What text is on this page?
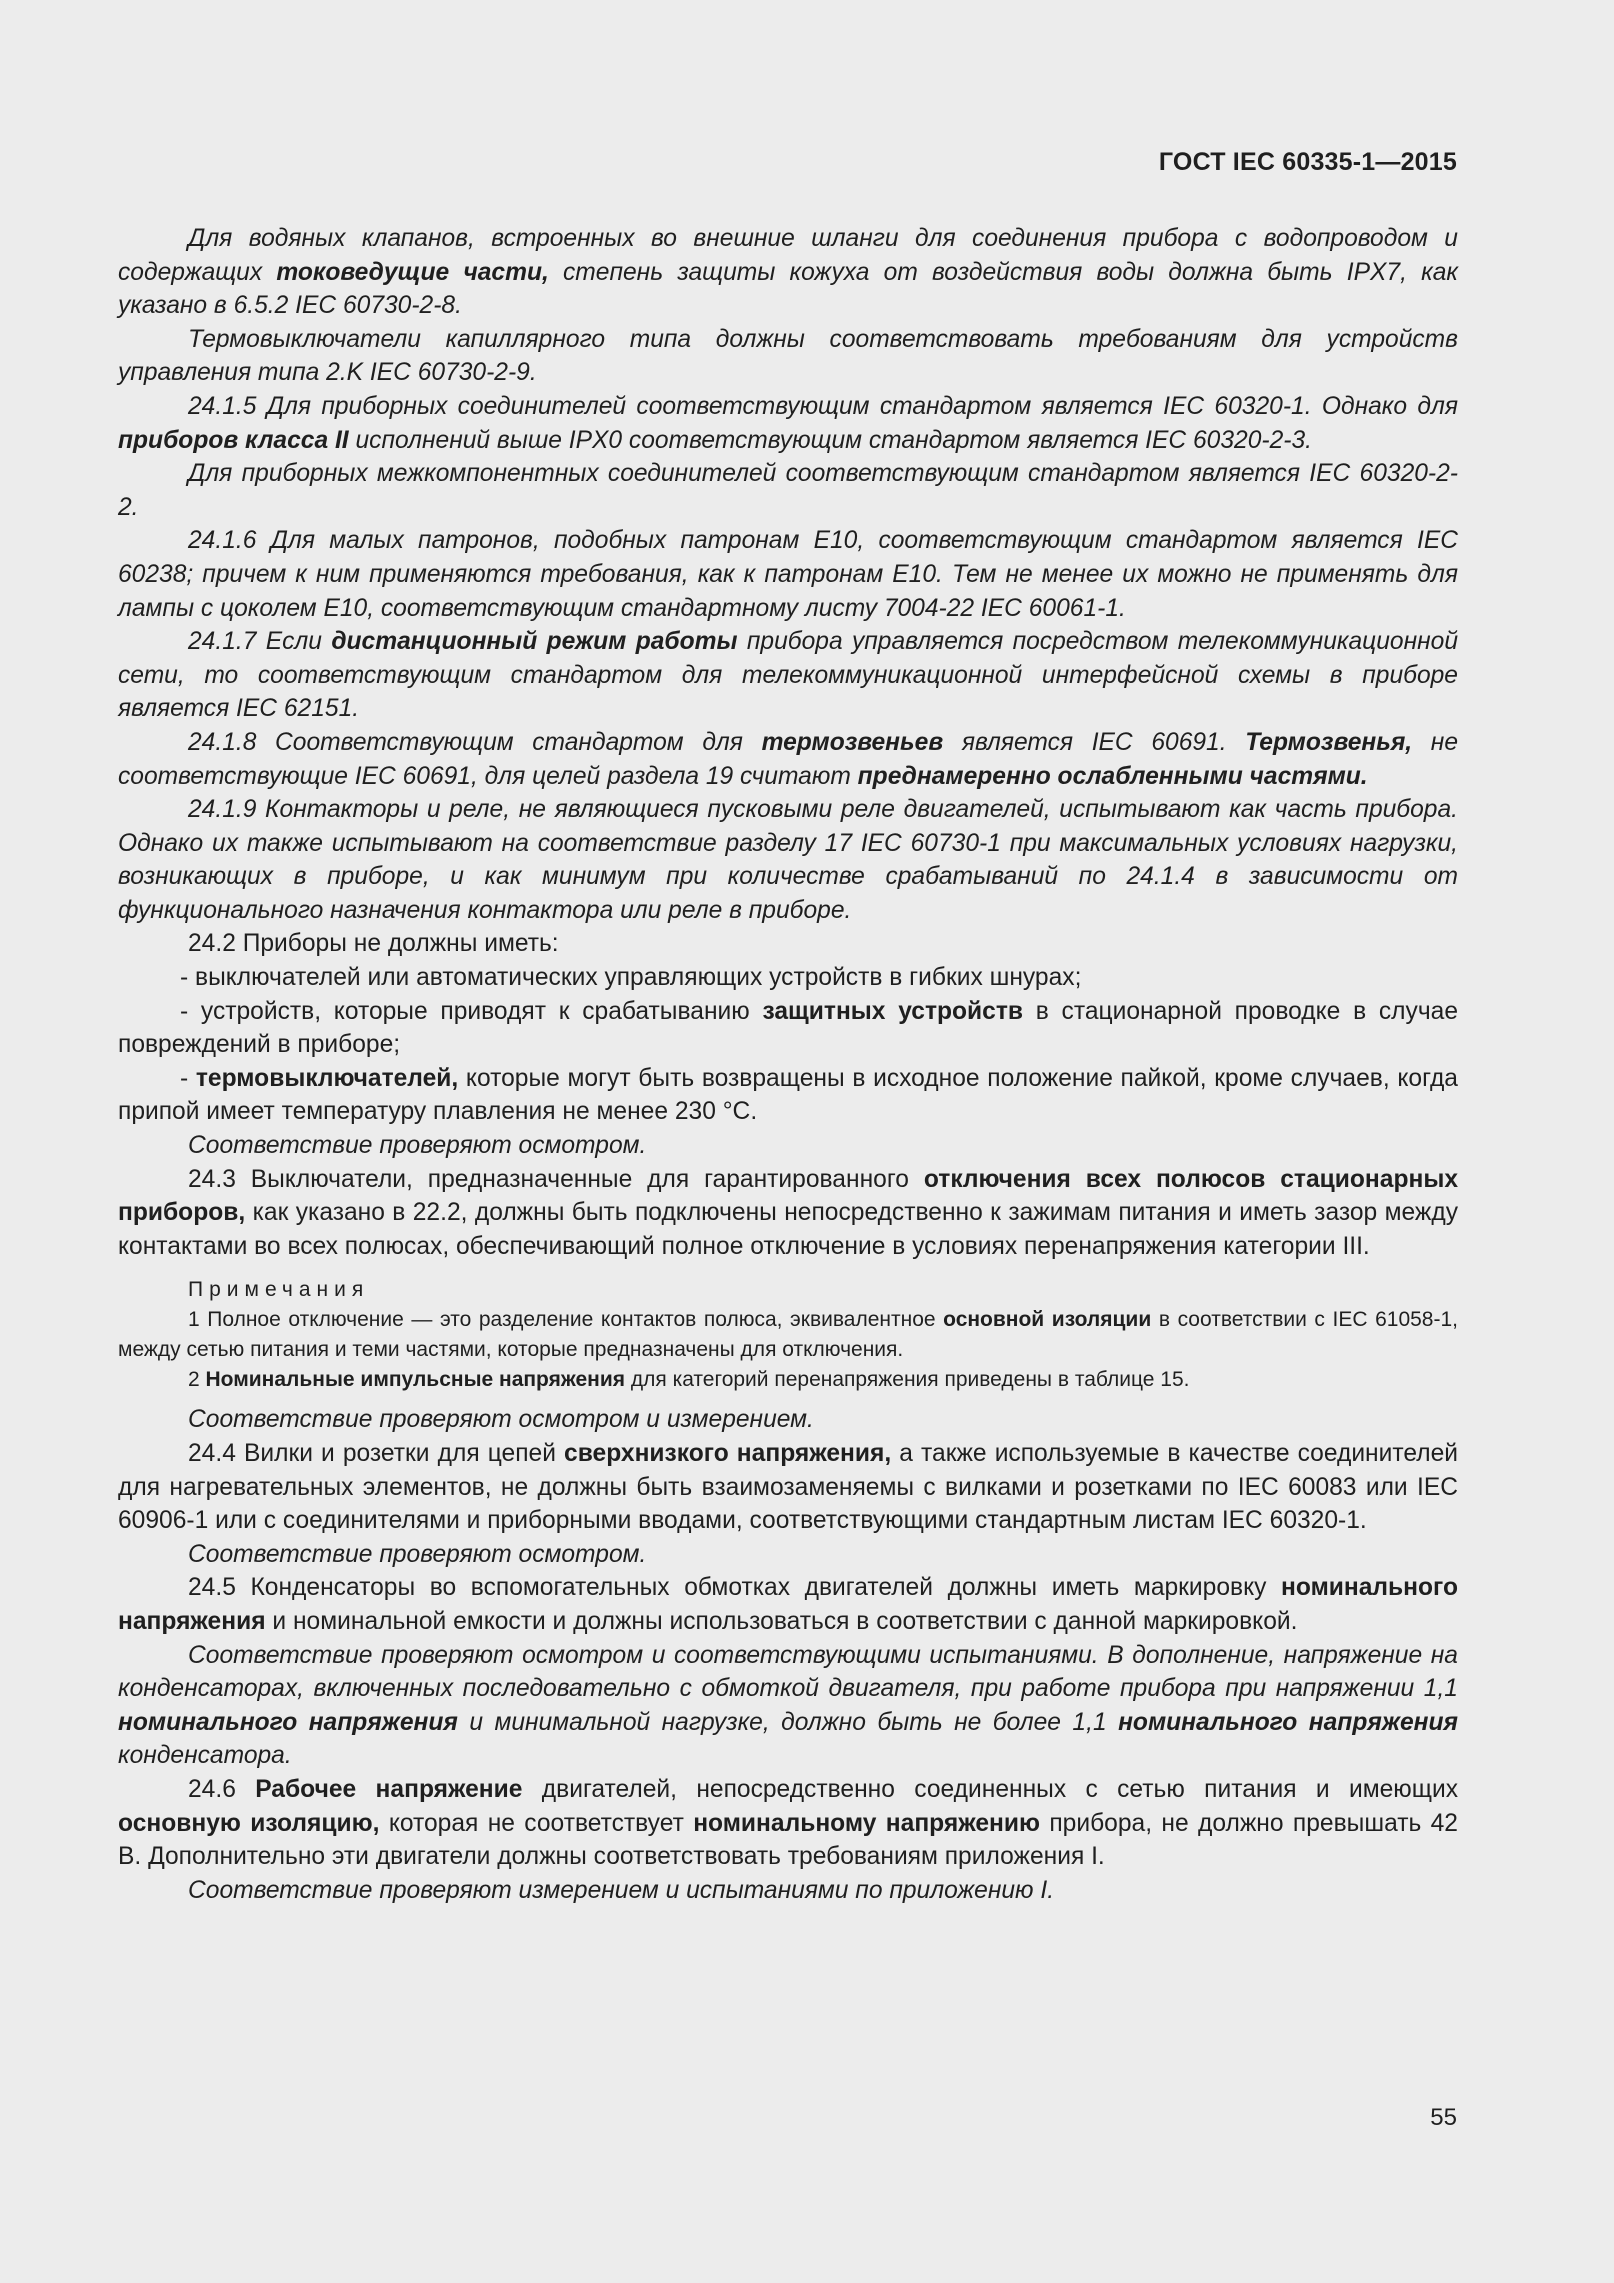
ГОСТ IEC 60335-1—2015

Для водяных клапанов, встроенных во внешние шланги для соединения прибора с водопроводом и содержащих токоведущие части, степень защиты кожуха от воздействия воды должна быть IPX7, как указано в 6.5.2 IEC 60730-2-8.

Термовыключатели капиллярного типа должны соответствовать требованиям для устройств управления типа 2.K IEC 60730-2-9.

24.1.5 Для приборных соединителей соответствующим стандартом является IEC 60320-1. Однако для приборов класса II исполнений выше IPX0 соответствующим стандартом является IEC 60320-2-3.

Для приборных межкомпонентных соединителей соответствующим стандартом является IEC 60320-2-2.

24.1.6 Для малых патронов, подобных патронам E10, соответствующим стандартом является IEC 60238; причем к ним применяются требования, как к патронам E10. Тем не менее их можно не применять для лампы с цоколем E10, соответствующим стандартному листу 7004-22 IEC 60061-1.

24.1.7 Если дистанционный режим работы прибора управляется посредством телекоммуникационной сети, то соответствующим стандартом для телекоммуникационной интерфейсной схемы в приборе является IEC 62151.

24.1.8 Соответствующим стандартом для термозвеньев является IEC 60691. Термозвенья, не соответствующие IEC 60691, для целей раздела 19 считают преднамеренно ослабленными частями.

24.1.9 Контакторы и реле, не являющиеся пусковыми реле двигателей, испытывают как часть прибора. Однако их также испытывают на соответствие разделу 17 IEC 60730-1 при максимальных условиях нагрузки, возникающих в приборе, и как минимум при количестве срабатываний по 24.1.4 в зависимости от функционального назначения контактора или реле в приборе.

24.2 Приборы не должны иметь:

- выключателей или автоматических управляющих устройств в гибких шнурах;

- устройств, которые приводят к срабатыванию защитных устройств в стационарной проводке в случае повреждений в приборе;

- термовыключателей, которые могут быть возвращены в исходное положение пайкой, кроме случаев, когда припой имеет температуру плавления не менее 230 °С.

Соответствие проверяют осмотром.

24.3 Выключатели, предназначенные для гарантированного отключения всех полюсов стационарных приборов, как указано в 22.2, должны быть подключены непосредственно к зажимам питания и иметь зазор между контактами во всех полюсах, обеспечивающий полное отключение в условиях перенапряжения категории III.

Примечания

1 Полное отключение — это разделение контактов полюса, эквивалентное основной изоляции в соответствии с IEC 61058-1, между сетью питания и теми частями, которые предназначены для отключения.

2 Номинальные импульсные напряжения для категорий перенапряжения приведены в таблице 15.

Соответствие проверяют осмотром и измерением.

24.4 Вилки и розетки для цепей сверхнизкого напряжения, а также используемые в качестве соединителей для нагревательных элементов, не должны быть взаимозаменяемы с вилками и розетками по IEC 60083 или IEC 60906-1 или с соединителями и приборными вводами, соответствующими стандартным листам IEC 60320-1.

Соответствие проверяют осмотром.

24.5 Конденсаторы во вспомогательных обмотках двигателей должны иметь маркировку номинального напряжения и номинальной емкости и должны использоваться в соответствии с данной маркировкой.

Соответствие проверяют осмотром и соответствующими испытаниями. В дополнение, напряжение на конденсаторах, включенных последовательно с обмоткой двигателя, при работе прибора при напряжении 1,1 номинального напряжения и минимальной нагрузке, должно быть не более 1,1 номинального напряжения конденсатора.

24.6 Рабочее напряжение двигателей, непосредственно соединенных с сетью питания и имеющих основную изоляцию, которая не соответствует номинальному напряжению прибора, не должно превышать 42 В. Дополнительно эти двигатели должны соответствовать требованиям приложения I.

Соответствие проверяют измерением и испытаниями по приложению I.

55
